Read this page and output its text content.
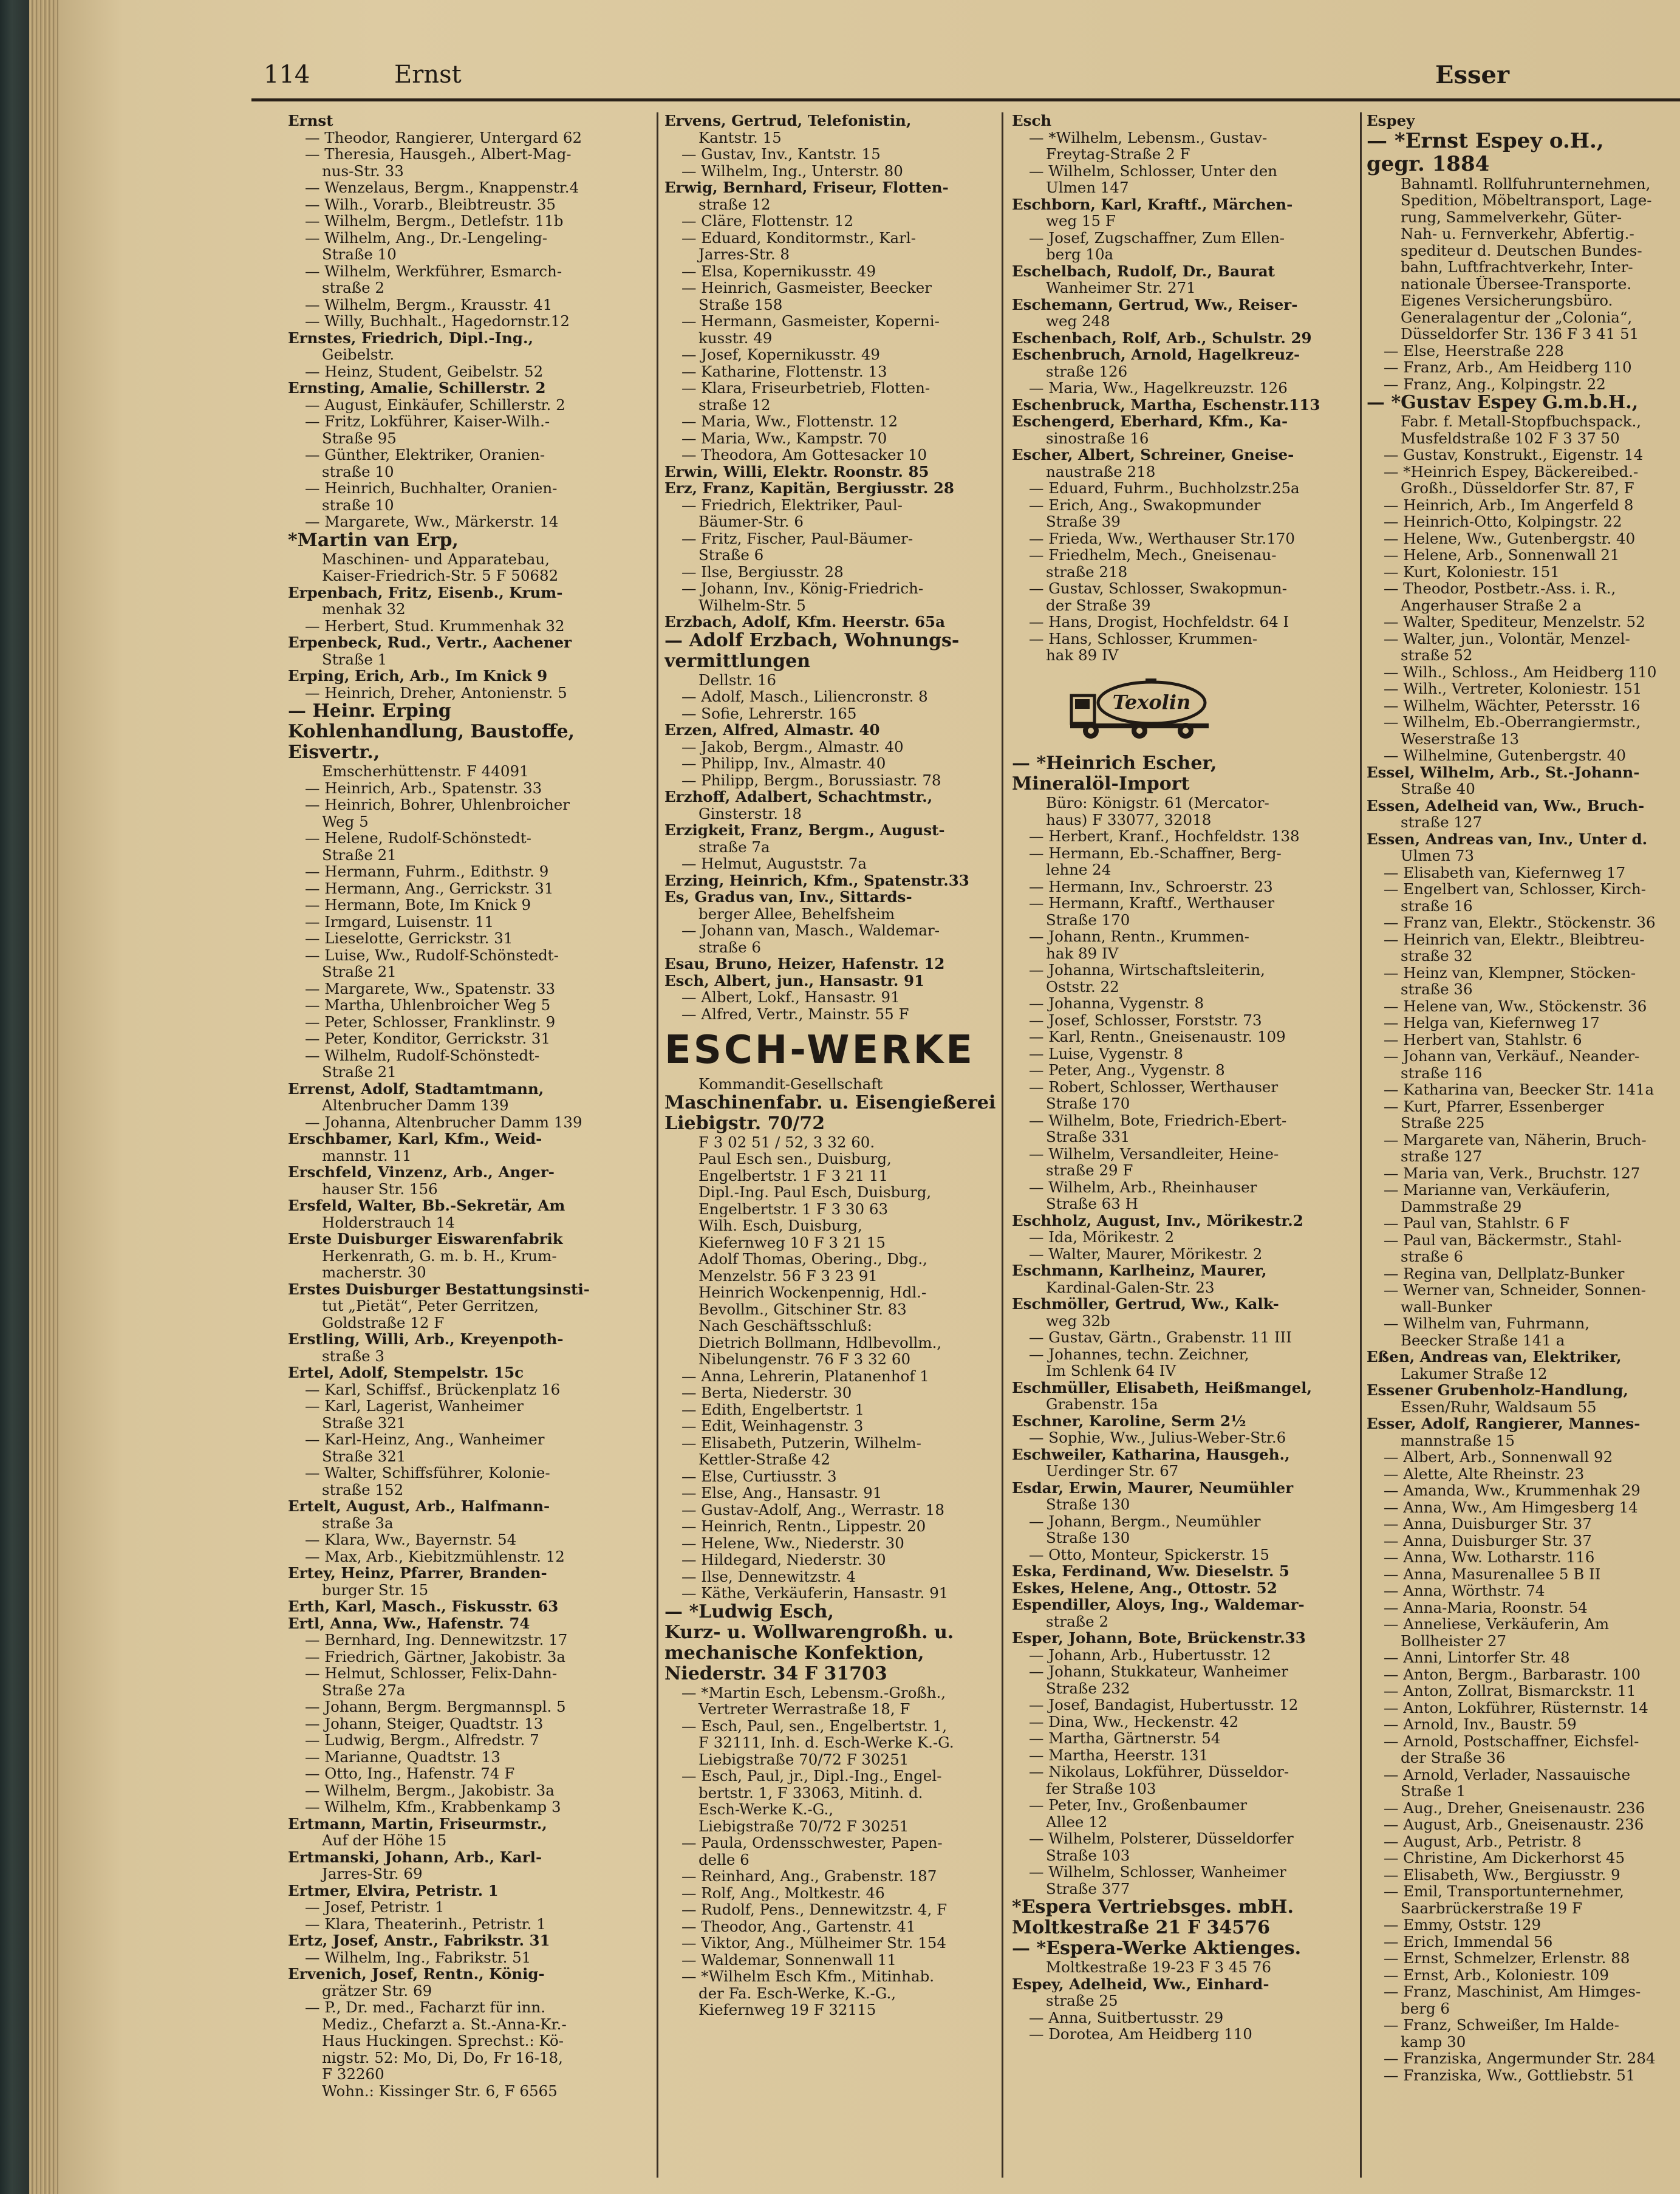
114	Ernst	Esser
Ernst
— Theodor, Rangierer, Untergard 62
— Theresia, Hausgeh., Albert-Mag-
nus-Str. 33
— Wenzelaus, Bergm., Knappenstr.4
— Wilh., Vorarb., Bleibtreustr. 35
— Wilhelm, Bergm., Detlefstr. 11b
— Wilhelm, Ang., Dr.-Lengeling-
Straße 10
— Wilhelm, Werkführer, Esmarch-
straße 2
— Wilhelm, Bergm., Krausstr. 41
— Willy, Buchhalt., Hagedornstr.12
Ernstes, Friedrich, Dipl.-Ing.,
Geibelstr.
— Heinz, Student, Geibelstr. 52
Ernsting, Amalie, Schillerstr. 2
— August, Einkäufer, Schillerstr. 2
— Fritz, Lokführer, Kaiser-Wilh.-
Straße 95
— Günther, Elektriker, Oranien-
straße 10
— Heinrich, Buchhalter, Oranien-
straße 10
— Margarete, Ww., Märkerstr. 14
*Martin van Erp,
Maschinen- und Apparatebau,
Kaiser-Friedrich-Str. 5 F 50682
Erpenbach, Fritz, Eisenb., Krum-
menhak 32
— Herbert, Stud. Krummenhak 32
Erpenbeck, Rud., Vertr., Aachener
Straße 1
Erping, Erich, Arb., Im Knick 9
— Heinrich, Dreher, Antonienstr. 5
— Heinr. Erping
Kohlenhandlung, Baustoffe,
Eisvertr.,
Emscherhüttenstr. F 44091
— Heinrich, Arb., Spatenstr. 33
— Heinrich, Bohrer, Uhlenbroicher
Weg 5
— Helene, Rudolf-Schönstedt-
Straße 21
— Hermann, Fuhrm., Edithstr. 9
— Hermann, Ang., Gerrickstr. 31
— Hermann, Bote, Im Knick 9
— Irmgard, Luisenstr. 11
— Lieselotte, Gerrickstr. 31
— Luise, Ww., Rudolf-Schönstedt-
Straße 21
— Margarete, Ww., Spatenstr. 33
— Martha, Uhlenbroicher Weg 5
— Peter, Schlosser, Franklinstr. 9
— Peter, Konditor, Gerrickstr. 31
— Wilhelm, Rudolf-Schönstedt-
Straße 21
Errenst, Adolf, Stadtamtmann,
Altenbrucher Damm 139
— Johanna, Altenbrucher Damm 139
Erschbamer, Karl, Kfm., Weid-
mannstr. 11
Erschfeld, Vinzenz, Arb., Anger-
hauser Str. 156
Ersfeld, Walter, Bb.-Sekretär, Am
Holderstrauch 14
Erste Duisburger Eiswarenfabrik
Herkenrath, G. m. b. H., Krum-
macherstr. 30
Erstes Duisburger Bestattungsinsti-
tut „Pietät“, Peter Gerritzen,
Goldstraße 12 F
Erstling, Willi, Arb., Kreyenpoth-
straße 3
Ertel, Adolf, Stempelstr. 15c
— Karl, Schiffsf., Brückenplatz 16
— Karl, Lagerist, Wanheimer
Straße 321
— Karl-Heinz, Ang., Wanheimer
Straße 321
— Walter, Schiffsführer, Kolonie-
straße 152
Ertelt, August, Arb., Halfmann-
straße 3a
— Klara, Ww., Bayernstr. 54
— Max, Arb., Kiebitzmühlenstr. 12
Ertey, Heinz, Pfarrer, Branden-
burger Str. 15
Erth, Karl, Masch., Fiskusstr. 63
Ertl, Anna, Ww., Hafenstr. 74
— Bernhard, Ing. Dennewitzstr. 17
— Friedrich, Gärtner, Jakobistr. 3a
— Helmut, Schlosser, Felix-Dahn-
Straße 27a
— Johann, Bergm. Bergmannspl. 5
— Johann, Steiger, Quadtstr. 13
— Ludwig, Bergm., Alfredstr. 7
— Marianne, Quadtstr. 13
— Otto, Ing., Hafenstr. 74 F
— Wilhelm, Bergm., Jakobistr. 3a
— Wilhelm, Kfm., Krabbenkamp 3
Ertmann, Martin, Friseurmstr.,
Auf der Höhe 15
Ertmanski, Johann, Arb., Karl-
Jarres-Str. 69
Ertmer, Elvira, Petristr. 1
— Josef, Petristr. 1
— Klara, Theaterinh., Petristr. 1
Ertz, Josef, Anstr., Fabrikstr. 31
— Wilhelm, Ing., Fabrikstr. 51
Ervenich, Josef, Rentn., König-
grätzer Str. 69
— P., Dr. med., Facharzt für inn.
Mediz., Chefarzt a. St.-Anna-Kr.-
Haus Huckingen. Sprechst.: Kö-
nigstr. 52: Mo, Di, Do, Fr 16-18,
F 32260
Wohn.: Kissinger Str. 6, F 6565
Ervens, Gertrud, Telefonistin,
Kantstr. 15
— Gustav, Inv., Kantstr. 15
— Wilhelm, Ing., Unterstr. 80
Erwig, Bernhard, Friseur, Flotten-
straße 12
— Cläre, Flottenstr. 12
— Eduard, Konditormstr., Karl-
Jarres-Str. 8
— Elsa, Kopernikusstr. 49
— Heinrich, Gasmeister, Beecker
Straße 158
— Hermann, Gasmeister, Koperni-
kusstr. 49
— Josef, Kopernikusstr. 49
— Katharine, Flottenstr. 13
— Klara, Friseurbetrieb, Flotten-
straße 12
— Maria, Ww., Flottenstr. 12
— Maria, Ww., Kampstr. 70
— Theodora, Am Gottesacker 10
Erwin, Willi, Elektr. Roonstr. 85
Erz, Franz, Kapitän, Bergiusstr. 28
— Friedrich, Elektriker, Paul-
Bäumer-Str. 6
— Fritz, Fischer, Paul-Bäumer-
Straße 6
— Ilse, Bergiusstr. 28
— Johann, Inv., König-Friedrich-
Wilhelm-Str. 5
Erzbach, Adolf, Kfm. Heerstr. 65a
— Adolf Erzbach, Wohnungs-
vermittlungen
Dellstr. 16
— Adolf, Masch., Liliencronstr. 8
— Sofie, Lehrerstr. 165
Erzen, Alfred, Almastr. 40
— Jakob, Bergm., Almastr. 40
— Philipp, Inv., Almastr. 40
— Philipp, Bergm., Borussiastr. 78
Erzhoff, Adalbert, Schachtmstr.,
Ginsterstr. 18
Erzigkeit, Franz, Bergm., August-
straße 7a
— Helmut, Auguststr. 7a
Erzing, Heinrich, Kfm., Spatenstr.33
Es, Gradus van, Inv., Sittards-
berger Allee, Behelfsheim
— Johann van, Masch., Waldemar-
straße 6
Esau, Bruno, Heizer, Hafenstr. 12
Esch, Albert, jun., Hansastr. 91
— Albert, Lokf., Hansastr. 91
— Alfred, Vertr., Mainstr. 55 F
ESCH-WERKE
Kommandit-Gesellschaft
Maschinenfabr. u. Eisengießerei
Liebigstr. 70/72
F 3 02 51 / 52, 3 32 60.
Paul Esch sen., Duisburg,
Engelbertstr. 1 F 3 21 11
Dipl.-Ing. Paul Esch, Duisburg,
Engelbertstr. 1 F 3 30 63
Wilh. Esch, Duisburg,
Kiefernweg 10 F 3 21 15
Adolf Thomas, Obering., Dbg.,
Menzelstr. 56 F 3 23 91
Heinrich Wockenpennig, Hdl.-
Bevollm., Gitschiner Str. 83
Nach Geschäftsschluß:
Dietrich Bollmann, Hdlbevollm.,
Nibelungenstr. 76 F 3 32 60
— Anna, Lehrerin, Platanenhof 1
— Berta, Niederstr. 30
— Edith, Engelbertstr. 1
— Edit, Weinhagenstr. 3
— Elisabeth, Putzerin, Wilhelm-
Kettler-Straße 42
— Else, Curtiusstr. 3
— Else, Ang., Hansastr. 91
— Gustav-Adolf, Ang., Werrastr. 18
— Heinrich, Rentn., Lippestr. 20
— Helene, Ww., Niederstr. 30
— Hildegard, Niederstr. 30
— Ilse, Dennewitzstr. 4
— Käthe, Verkäuferin, Hansastr. 91
— *Ludwig Esch,
Kurz- u. Wollwarengroßh. u.
mechanische Konfektion,
Niederstr. 34 F 31703
— *Martin Esch, Lebensm.-Großh.,
Vertreter Werrastraße 18, F
— Esch, Paul, sen., Engelbertstr. 1,
F 32111, Inh. d. Esch-Werke K.-G.
Liebigstraße 70/72 F 30251
— Esch, Paul, jr., Dipl.-Ing., Engel-
bertstr. 1, F 33063, Mitinh. d.
Esch-Werke K.-G.,
Liebigstraße 70/72 F 30251
— Paula, Ordensschwester, Papen-
delle 6
— Reinhard, Ang., Grabenstr. 187
— Rolf, Ang., Moltkestr. 46
— Rudolf, Pens., Dennewitzstr. 4, F
— Theodor, Ang., Gartenstr. 41
— Viktor, Ang., Mülheimer Str. 154
— Waldemar, Sonnenwall 11
— *Wilhelm Esch Kfm., Mitinhab.
der Fa. Esch-Werke, K.-G.,
Kiefernweg 19 F 32115
Esch
— *Wilhelm, Lebensm., Gustav-
Freytag-Straße 2 F
— Wilhelm, Schlosser, Unter den
Ulmen 147
Eschborn, Karl, Kraftf., Märchen-
weg 15 F
— Josef, Zugschaffner, Zum Ellen-
berg 10a
Eschelbach, Rudolf, Dr., Baurat
Wanheimer Str. 271
Eschemann, Gertrud, Ww., Reiser-
weg 248
Eschenbach, Rolf, Arb., Schulstr. 29
Eschenbruch, Arnold, Hagelkreuz-
straße 126
— Maria, Ww., Hagelkreuzstr. 126
Eschenbruck, Martha, Eschenstr.113
Eschengerd, Eberhard, Kfm., Ka-
sinostraße 16
Escher, Albert, Schreiner, Gneise-
naustraße 218
— Eduard, Fuhrm., Buchholzstr.25a
— Erich, Ang., Swakopmunder
Straße 39
— Frieda, Ww., Werthauser Str.170
— Friedhelm, Mech., Gneisenau-
straße 218
— Gustav, Schlosser, Swakopmun-
der Straße 39
— Hans, Drogist, Hochfeldstr. 64 I
— Hans, Schlosser, Krummen-
hak 89 IV
Texolin
— *Heinrich Escher,
Mineralöl-Import
Büro: Königstr. 61 (Mercator-
haus) F 33077, 32018
— Herbert, Kranf., Hochfeldstr. 138
— Hermann, Eb.-Schaffner, Berg-
lehne 24
— Hermann, Inv., Schroerstr. 23
— Hermann, Kraftf., Werthauser
Straße 170
— Johann, Rentn., Krummen-
hak 89 IV
— Johanna, Wirtschaftsleiterin,
Oststr. 22
— Johanna, Vygenstr. 8
— Josef, Schlosser, Forststr. 73
— Karl, Rentn., Gneisenaustr. 109
— Luise, Vygenstr. 8
— Peter, Ang., Vygenstr. 8
— Robert, Schlosser, Werthauser
Straße 170
— Wilhelm, Bote, Friedrich-Ebert-
Straße 331
— Wilhelm, Versandleiter, Heine-
straße 29 F
— Wilhelm, Arb., Rheinhauser
Straße 63 H
Eschholz, August, Inv., Mörikestr.2
— Ida, Mörikestr. 2
— Walter, Maurer, Mörikestr. 2
Eschmann, Karlheinz, Maurer,
Kardinal-Galen-Str. 23
Eschmöller, Gertrud, Ww., Kalk-
weg 32b
— Gustav, Gärtn., Grabenstr. 11 III
— Johannes, techn. Zeichner,
Im Schlenk 64 IV
Eschmüller, Elisabeth, Heißmangel,
Grabenstr. 15a
Eschner, Karoline, Serm 2½
— Sophie, Ww., Julius-Weber-Str.6
Eschweiler, Katharina, Hausgeh.,
Uerdinger Str. 67
Esdar, Erwin, Maurer, Neumühler
Straße 130
— Johann, Bergm., Neumühler
Straße 130
— Otto, Monteur, Spickerstr. 15
Eska, Ferdinand, Ww. Dieselstr. 5
Eskes, Helene, Ang., Ottostr. 52
Espendiller, Aloys, Ing., Waldemar-
straße 2
Esper, Johann, Bote, Brückenstr.33
— Johann, Arb., Hubertusstr. 12
— Johann, Stukkateur, Wanheimer
Straße 232
— Josef, Bandagist, Hubertusstr. 12
— Dina, Ww., Heckenstr. 42
— Martha, Gärtnerstr. 54
— Martha, Heerstr. 131
— Nikolaus, Lokführer, Düsseldor-
fer Straße 103
— Peter, Inv., Großenbaumer
Allee 12
— Wilhelm, Polsterer, Düsseldorfer
Straße 103
— Wilhelm, Schlosser, Wanheimer
Straße 377
*Espera Vertriebsges. mbH.
Moltkestraße 21 F 34576
— *Espera-Werke Aktienges.
Moltkestraße 19-23 F 3 45 76
Espey, Adelheid, Ww., Einhard-
straße 25
— Anna, Suitbertusstr. 29
— Dorotea, Am Heidberg 110
Espey
— *Ernst Espey o.H.,
gegr. 1884
Bahnamtl. Rollfuhrunternehmen,
Spedition, Möbeltransport, Lage-
rung, Sammelverkehr, Güter-
Nah- u. Fernverkehr, Abfertig.-
spediteur d. Deutschen Bundes-
bahn, Luftfrachtverkehr, Inter-
nationale Übersee-Transporte.
Eigenes Versicherungsbüro.
Generalagentur der „Colonia“,
Düsseldorfer Str. 136 F 3 41 51
— Else, Heerstraße 228
— Franz, Arb., Am Heidberg 110
— Franz, Ang., Kolpingstr. 22
— *Gustav Espey G.m.b.H.,
Fabr. f. Metall-Stopfbuchspack.,
Musfeldstraße 102 F 3 37 50
— Gustav, Konstrukt., Eigenstr. 14
— *Heinrich Espey, Bäckereibed.-
Großh., Düsseldorfer Str. 87, F
— Heinrich, Arb., Im Angerfeld 8
— Heinrich-Otto, Kolpingstr. 22
— Helene, Ww., Gutenbergstr. 40
— Helene, Arb., Sonnenwall 21
— Kurt, Koloniestr. 151
— Theodor, Postbetr.-Ass. i. R.,
Angerhauser Straße 2 a
— Walter, Spediteur, Menzelstr. 52
— Walter, jun., Volontär, Menzel-
straße 52
— Wilh., Schloss., Am Heidberg 110
— Wilh., Vertreter, Koloniestr. 151
— Wilhelm, Wächter, Petersstr. 16
— Wilhelm, Eb.-Oberrangiermstr.,
Weserstraße 13
— Wilhelmine, Gutenbergstr. 40
Essel, Wilhelm, Arb., St.-Johann-
Straße 40
Essen, Adelheid van, Ww., Bruch-
straße 127
Essen, Andreas van, Inv., Unter d.
Ulmen 73
— Elisabeth van, Kiefernweg 17
— Engelbert van, Schlosser, Kirch-
straße 16
— Franz van, Elektr., Stöckenstr. 36
— Heinrich van, Elektr., Bleibtreu-
straße 32
— Heinz van, Klempner, Stöcken-
straße 36
— Helene van, Ww., Stöckenstr. 36
— Helga van, Kiefernweg 17
— Herbert van, Stahlstr. 6
— Johann van, Verkäuf., Neander-
straße 116
— Katharina van, Beecker Str. 141a
— Kurt, Pfarrer, Essenberger
Straße 225
— Margarete van, Näherin, Bruch-
straße 127
— Maria van, Verk., Bruchstr. 127
— Marianne van, Verkäuferin,
Dammstraße 29
— Paul van, Stahlstr. 6 F
— Paul van, Bäckermstr., Stahl-
straße 6
— Regina van, Dellplatz-Bunker
— Werner van, Schneider, Sonnen-
wall-Bunker
— Wilhelm van, Fuhrmann,
Beecker Straße 141 a
Eßen, Andreas van, Elektriker,
Lakumer Straße 12
Essener Grubenholz-Handlung,
Essen/Ruhr, Waldsaum 55
Esser, Adolf, Rangierer, Mannes-
mannstraße 15
— Albert, Arb., Sonnenwall 92
— Alette, Alte Rheinstr. 23
— Amanda, Ww., Krummenhak 29
— Anna, Ww., Am Himgesberg 14
— Anna, Duisburger Str. 37
— Anna, Duisburger Str. 37
— Anna, Ww. Lotharstr. 116
— Anna, Masurenallee 5 B II
— Anna, Wörthstr. 74
— Anna-Maria, Roonstr. 54
— Anneliese, Verkäuferin, Am
Bollheister 27
— Anni, Lintorfer Str. 48
— Anton, Bergm., Barbarastr. 100
— Anton, Zollrat, Bismarckstr. 11
— Anton, Lokführer, Rüsternstr. 14
— Arnold, Inv., Baustr. 59
— Arnold, Postschaffner, Eichsfel-
der Straße 36
— Arnold, Verlader, Nassauische
Straße 1
— Aug., Dreher, Gneisenaustr. 236
— August, Arb., Gneisenaustr. 236
— August, Arb., Petristr. 8
— Christine, Am Dickerhorst 45
— Elisabeth, Ww., Bergiusstr. 9
— Emil, Transportunternehmer,
Saarbrückerstraße 19 F
— Emmy, Oststr. 129
— Erich, Immendal 56
— Ernst, Schmelzer, Erlenstr. 88
— Ernst, Arb., Koloniestr. 109
— Franz, Maschinist, Am Himges-
berg 6
— Franz, Schweißer, Im Halde-
kamp 30
— Franziska, Angermunder Str. 284
— Franziska, Ww., Gottliebstr. 51
